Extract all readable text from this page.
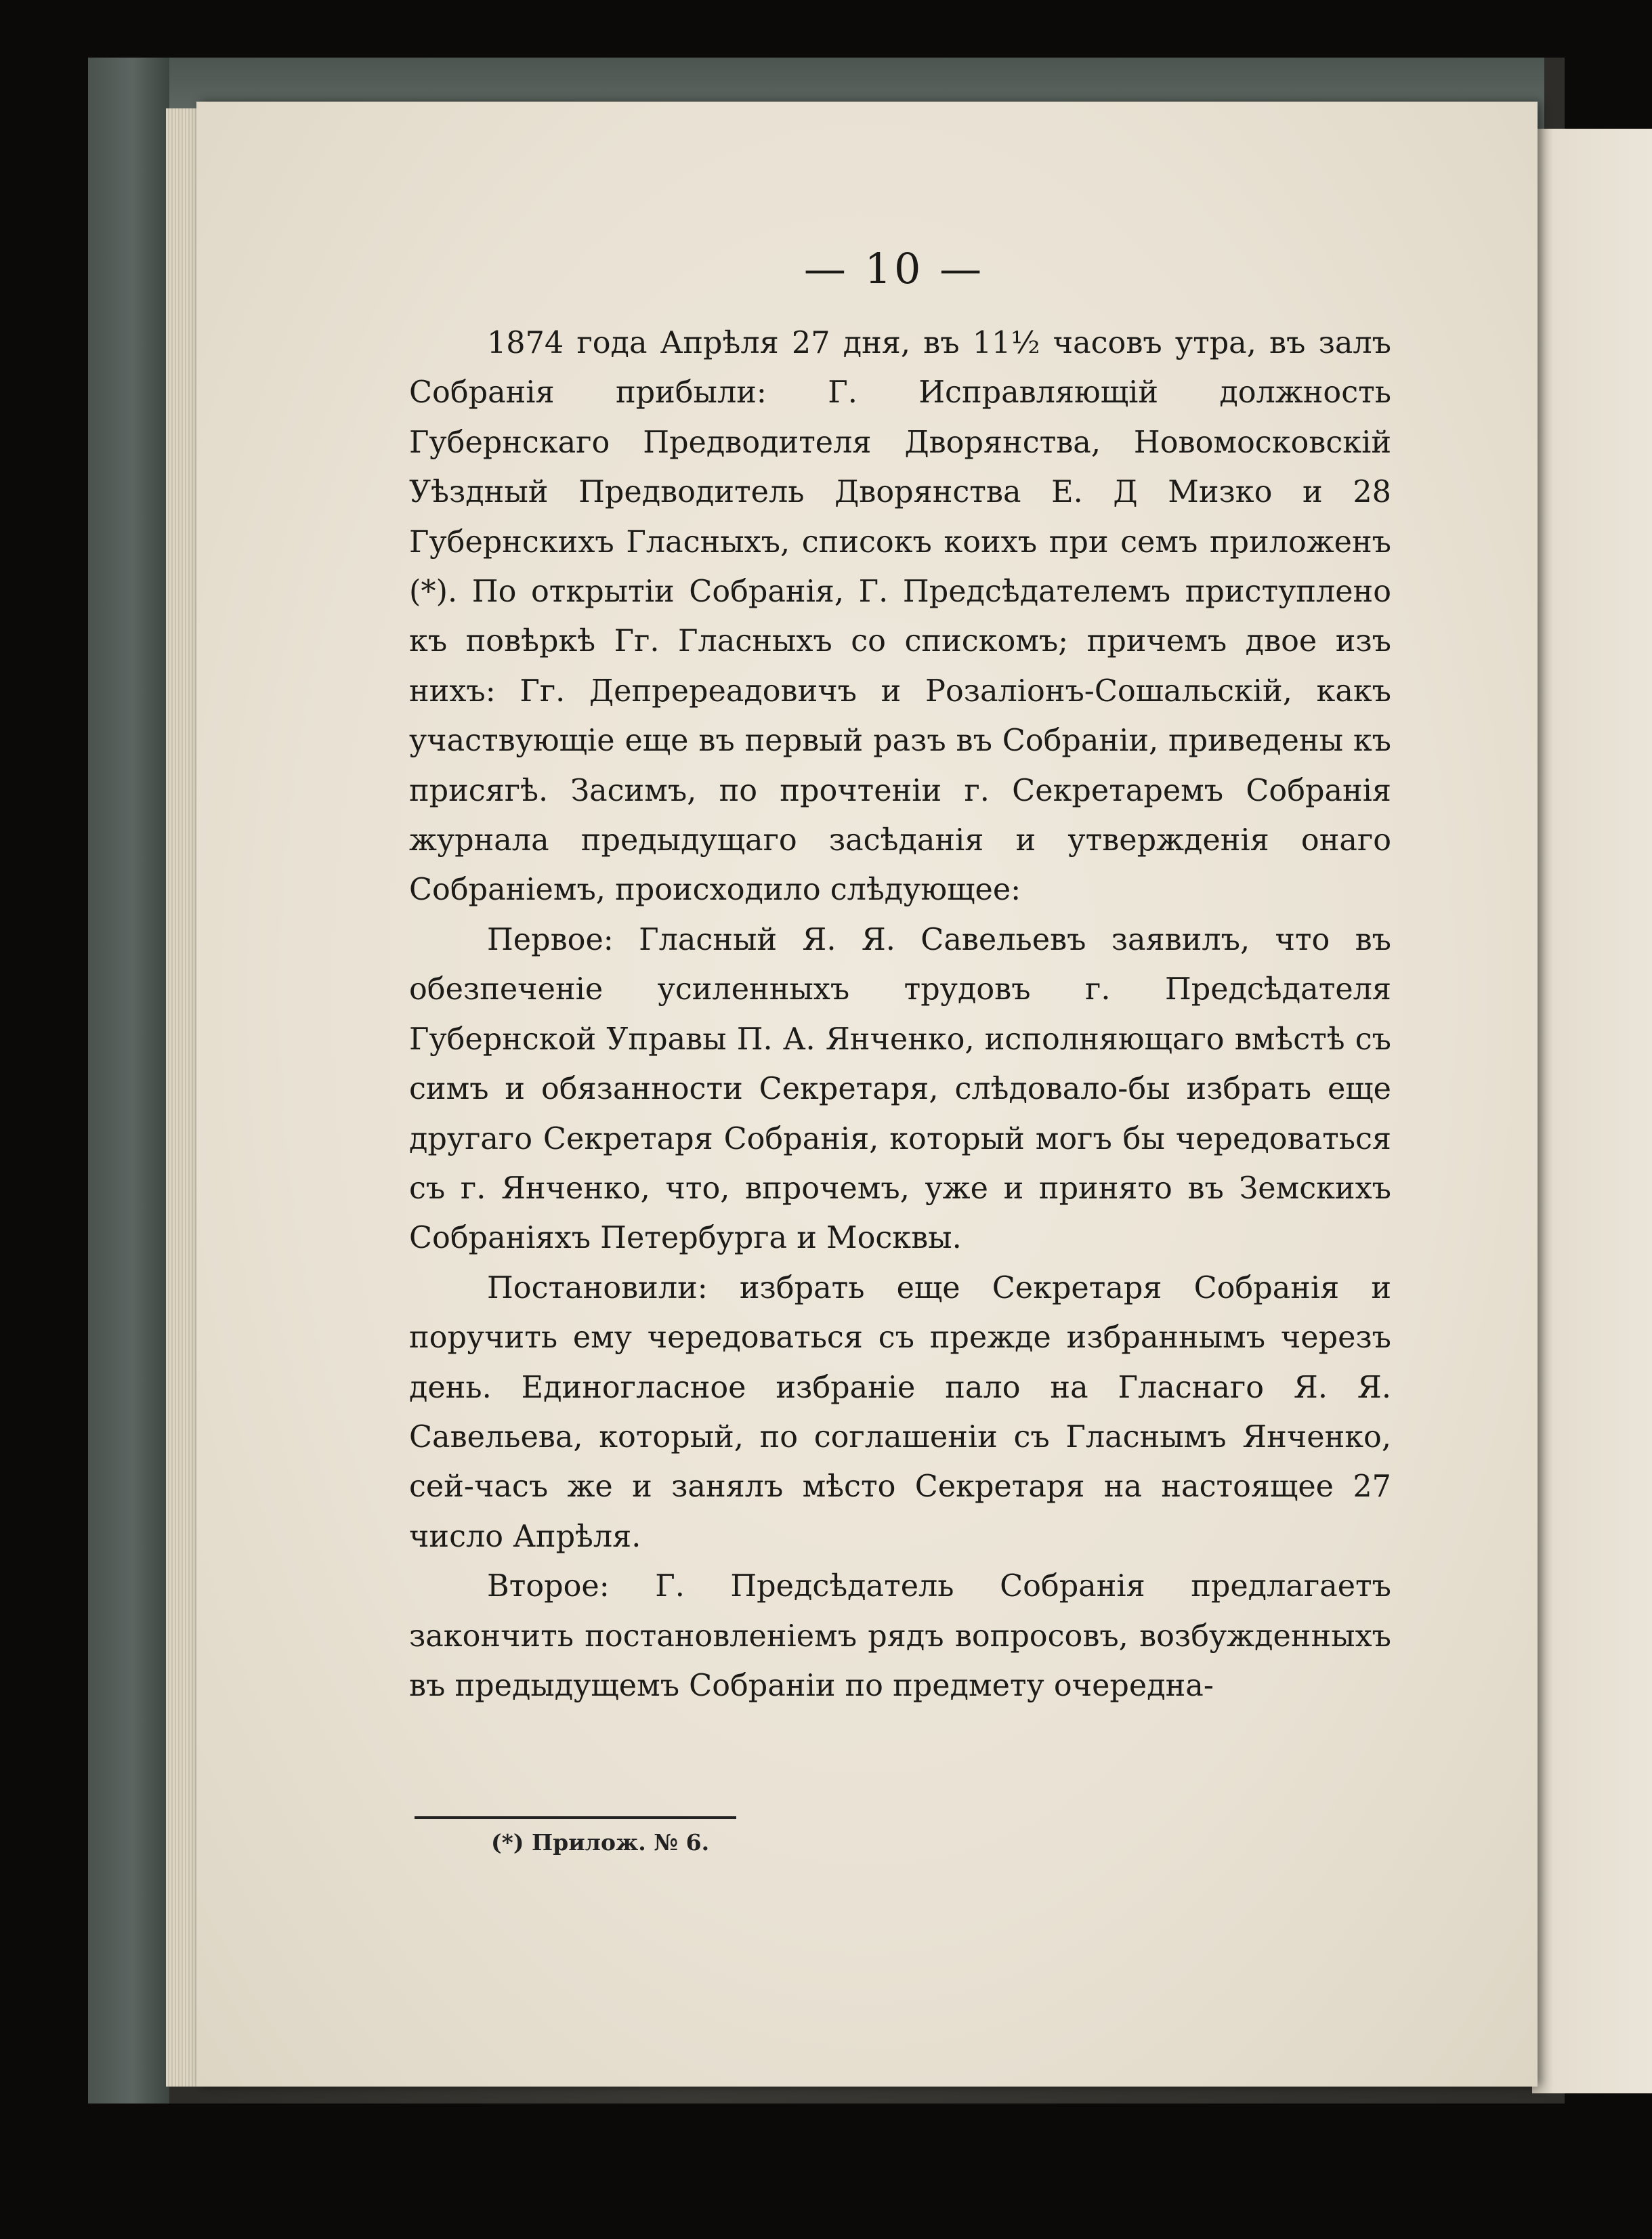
— 10 —

1874 года Апрѣля 27 дня, въ 11½ часовъ утра, въ залъ Собранія прибыли: Г. Исправляющій должность Губернскаго Предводителя Дворянства, Новомосковскій Уѣздный Предводитель Дворянства Е. Д Мизко и 28 Губернскихъ Гласныхъ, списокъ коихъ при семъ приложенъ (*). По открытіи Собранія, Г. Предсѣдателемъ приступлено къ повѣркѣ Гг. Гласныхъ со спискомъ; причемъ двое изъ нихъ: Гг. Депререадовичъ и Розаліонъ-Сошальскій, какъ участвующіе еще въ первый разъ въ Собраніи, приведены къ присягѣ. Засимъ, по прочтеніи г. Секретаремъ Собранія журнала предыдущаго засѣданія и утвержденія онаго Собраніемъ, происходило слѣдующее:

Первое: Гласный Я. Я. Савельевъ заявилъ, что въ обезпеченіе усиленныхъ трудовъ г. Предсѣдателя Губернской Управы П. А. Янченко, исполняющаго вмѣстѣ съ симъ и обязанности Секретаря, слѣдовало-бы избрать еще другаго Секретаря Собранія, который могъ бы чередоваться съ г. Янченко, что, впрочемъ, уже и принято въ Земскихъ Собраніяхъ Петербурга и Москвы.

Постановили: избрать еще Секретаря Собранія и поручить ему чередоваться съ прежде избраннымъ черезъ день. Единогласное избраніе пало на Гласнаго Я. Я. Савельева, который, по соглашеніи съ Гласнымъ Янченко, сей-часъ же и занялъ мѣсто Секретаря на настоящее 27 число Апрѣля.

Второе: Г. Предсѣдатель Собранія предлагаетъ закончить постановленіемъ рядъ вопросовъ, возбужденныхъ въ предыдущемъ Собраніи по предмету очередна-

(*) Прилож. № 6.
